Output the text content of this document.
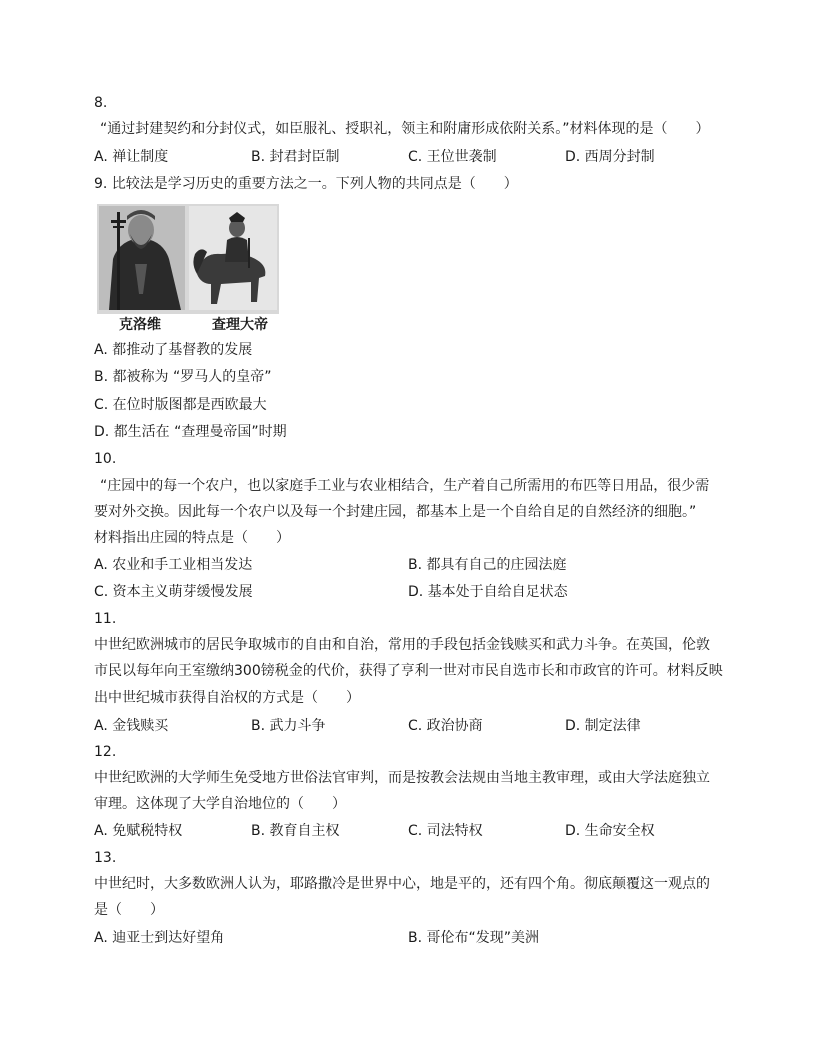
8.
“通过封建契约和分封仪式，如臣服礼、授职礼，领主和附庸形成依附关系。”材料体现的是（　　）
A. 禅让制度	B. 封君封臣制	C. 王位世袭制	D. 西周分封制
9. 比较法是学习历史的重要方法之一。下列人物的共同点是（　　）
克洛维	查理大帝
A. 都推动了基督教的发展
B. 都被称为 “罗马人的皇帝”
C. 在位时版图都是西欧最大
D. 都生活在 “查理曼帝国”时期
10.
“庄园中的每一个农户，也以家庭手工业与农业相结合，生产着自己所需用的布匹等日用品，很少需
要对外交换。因此每一个农户以及每一个封建庄园，都基本上是一个自给自足的自然经济的细胞。”
材料指出庄园的特点是（　　）
A. 农业和手工业相当发达	B. 都具有自己的庄园法庭
C. 资本主义萌芽缓慢发展	D. 基本处于自给自足状态
11.
中世纪欧洲城市的居民争取城市的自由和自治，常用的手段包括金钱赎买和武力斗争。在英国，伦敦
市民以每年向王室缴纳300镑税金的代价，获得了亨利一世对市民自选市长和市政官的许可。材料反映
出中世纪城市获得自治权的方式是（　　）
A. 金钱赎买	B. 武力斗争	C. 政治协商	D. 制定法律
12.
中世纪欧洲的大学师生免受地方世俗法官审判，而是按教会法规由当地主教审理，或由大学法庭独立
审理。这体现了大学自治地位的（　　）
A. 免赋税特权	B. 教育自主权	C. 司法特权	D. 生命安全权
13.
中世纪时，大多数欧洲人认为，耶路撒冷是世界中心，地是平的，还有四个角。彻底颠覆这一观点的
是（　　）
A. 迪亚士到达好望角	B. 哥伦布“发现”美洲
